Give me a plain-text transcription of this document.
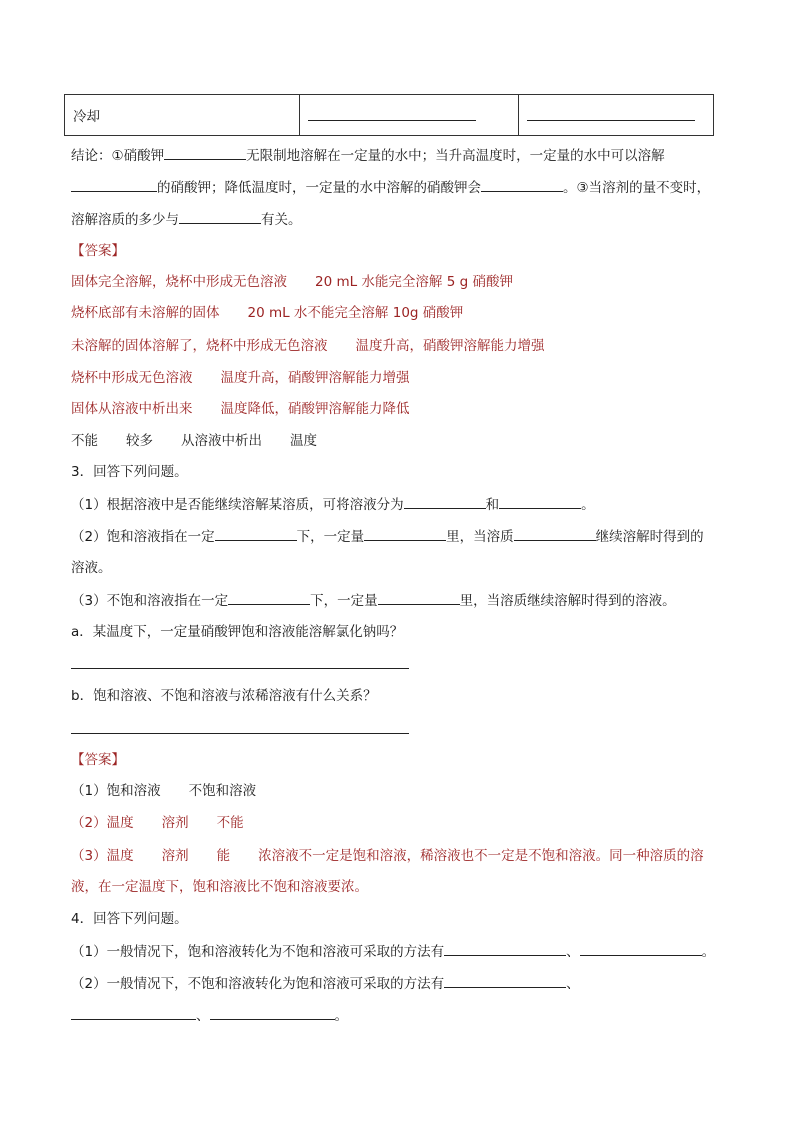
冷却		
结论：①硝酸钾	无限制地溶解在一定量的水中；当升高温度时，一定量的水中可以溶解
的硝酸钾；降低温度时，一定量的水中溶解的硝酸钾会	。③当溶剂的量不变时，
溶解溶质的多少与	有关。
【答案】
固体完全溶解，烧杯中形成无色溶液 20 mL 水能完全溶解 5 g 硝酸钾
烧杯底部有未溶解的固体 20 mL 水不能完全溶解 10g 硝酸钾
未溶解的固体溶解了，烧杯中形成无色溶液 温度升高，硝酸钾溶解能力增强
烧杯中形成无色溶液 温度升高，硝酸钾溶解能力增强
固体从溶液中析出来 温度降低，硝酸钾溶解能力降低
不能 较多 从溶液中析出 温度
3．回答下列问题。
（1）根据溶液中是否能继续溶解某溶质，可将溶液分为	和	。
（2）饱和溶液指在一定	下，一定量	里，当溶质	继续溶解时得到的
溶液。
（3）不饱和溶液指在一定	下，一定量	里，当溶质继续溶解时得到的溶液。
a．某温度下，一定量硝酸钾饱和溶液能溶解氯化钠吗？
b．饱和溶液、不饱和溶液与浓稀溶液有什么关系？
【答案】
（1）饱和溶液 不饱和溶液
（2）温度 溶剂 不能
（3）温度 溶剂 能 浓溶液不一定是饱和溶液，稀溶液也不一定是不饱和溶液。同一种溶质的溶
液，在一定温度下，饱和溶液比不饱和溶液要浓。
4．回答下列问题。
（1）一般情况下，饱和溶液转化为不饱和溶液可采取的方法有	、	。
（2）一般情况下，不饱和溶液转化为饱和溶液可采取的方法有	、
、	。
